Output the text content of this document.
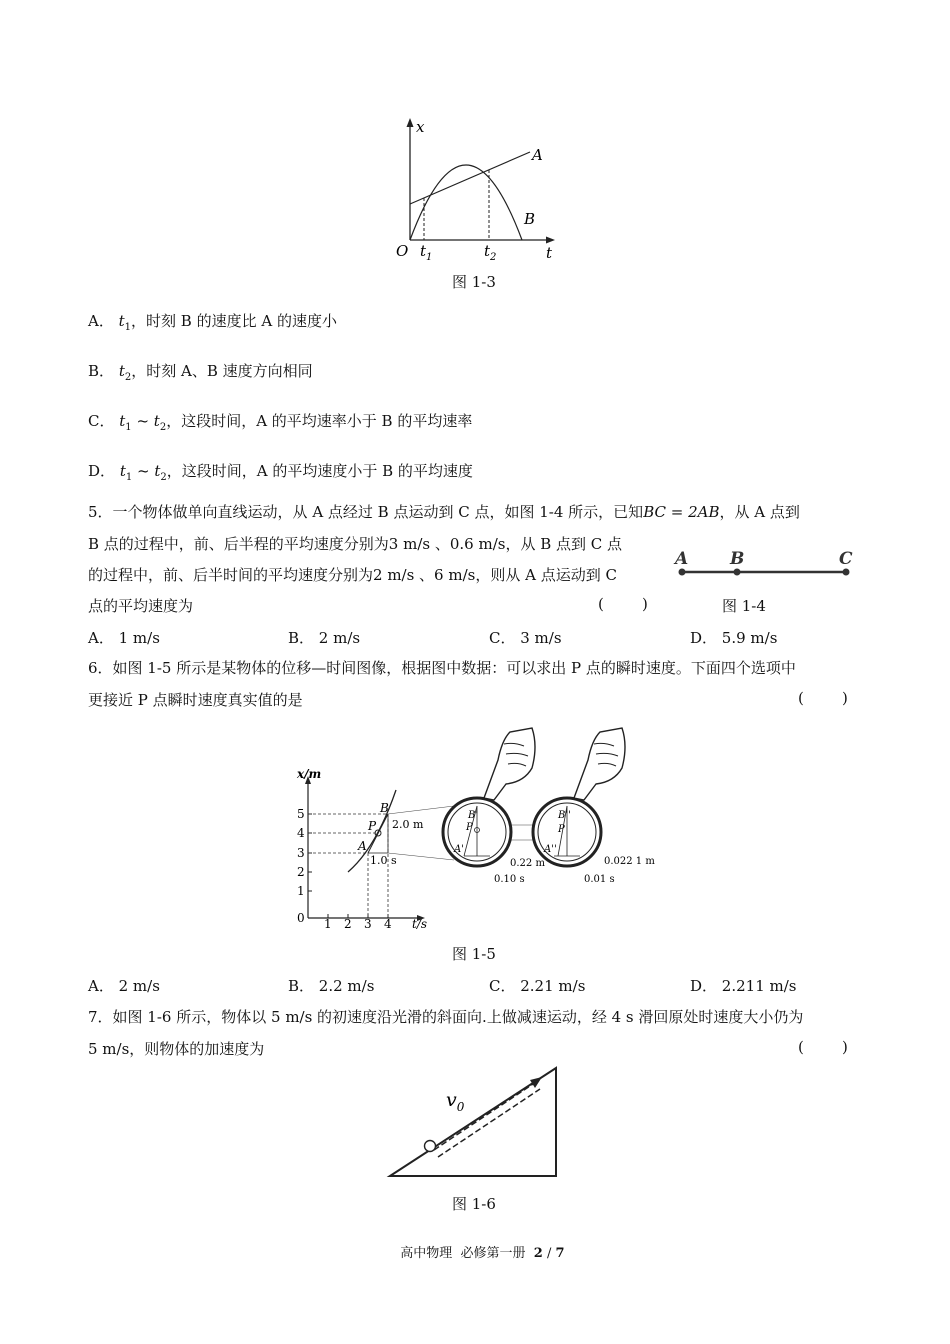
x
t
O $t_1$	$t_2$
A
B
图 1-3
A． $t_1$，时刻 B 的速度比 A 的速度小
B． $t_2$，时刻 A、B 速度方向相同
C． $t_1$ ~ $t_2$，这段时间，A 的平均速率小于 B 的平均速率
D． $t_1$ ~ $t_2$，这段时间，A 的平均速度小于 B 的平均速度
5．一个物体做单向直线运动，从 A 点经过 B 点运动到 C 点，如图 1-4 所示，已知BC = 2AB，从 A 点到
B 点的过程中，前、后半程的平均速度分别为3 m/s 、0.6 m/s，从 B 点到 C 点
的过程中，前、后半时间的平均速度分别为2 m/s 、6 m/s，则从 A 点运动到 C
点的平均速度为	(        )
A B	C
图 1-4
A． 1 m/s	B． 2 m/s	C． 3 m/s	D． 5.9 m/s
6．如图 1-5 所示是某物体的位移—时间图像，根据图中数据：可以求出 P 点的瞬时速度。下面四个选项中
更接近 P 点瞬时速度真实值的是	(        )
x/m
t/s
5
4
3
2
1
0 1 2 3 4
B
P
A
2.0 m
1.0 s
B'
P
A'
0.22 m
0.10 s
B''
P
A''
0.022 1 m
0.01 s
图 1-5
A． 2 m/s	B． 2.2 m/s	C． 2.21 m/s	D． 2.211 m/s
7．如图 1-6 所示，物体以 5 m/s 的初速度沿光滑的斜面向.上做减速运动，经 4 s 滑回原处时速度大小仍为
5 m/s，则物体的加速度为	(        )
$v_0$
图 1-6

高中物理  必修第一册  2 / 7
